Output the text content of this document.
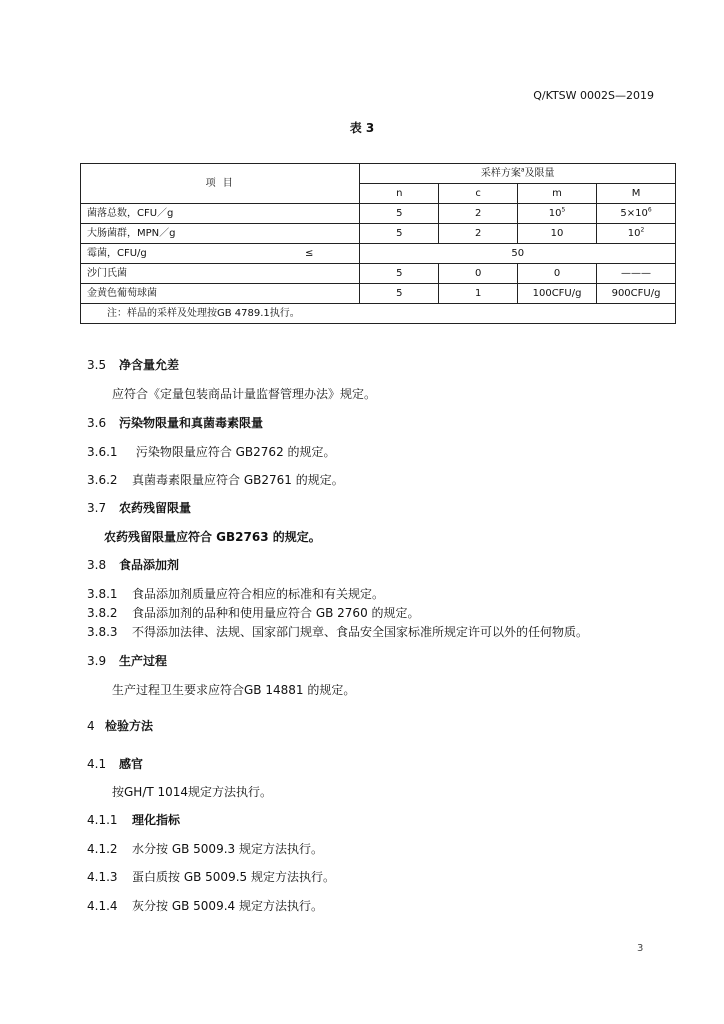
Q/KTSW 0002S—2019
表 3
项 目	采样方案$^a$及限量			
	n	c	m	M
菌落总数，CFU／g	5	2	$10^5$	$5\times 10^6$
大肠菌群，MPN／g	5	2	10	$10^2$
霉菌，CFU/g ≤	50			
沙门氏菌	5	0	0	———
金黄色葡萄球菌	5	1	100CFU/g	900CFU/g
注：样品的采样及处理按GB 4789.1执行。				
3.5 净含量允差
应符合《定量包装商品计量监督管理办法》规定。
3.6 污染物限量和真菌毒素限量
3.6.1 污染物限量应符合 GB2762 的规定。
3.6.2 真菌毒素限量应符合 GB2761 的规定。
3.7 农药残留限量
农药残留限量应符合 GB2763 的规定。
3.8 食品添加剂
3.8.1 食品添加剂质量应符合相应的标准和有关规定。
3.8.2 食品添加剂的品种和使用量应符合 GB 2760 的规定。
3.8.3 不得添加法律、法规、国家部门规章、食品安全国家标准所规定许可以外的任何物质。
3.9 生产过程
生产过程卫生要求应符合GB 14881 的规定。
4 检验方法
4.1 感官
按GH/T 1014规定方法执行。
4.1.1 理化指标
4.1.2 水分按 GB 5009.3 规定方法执行。
4.1.3 蛋白质按 GB 5009.5 规定方法执行。
4.1.4 灰分按 GB 5009.4 规定方法执行。
3
